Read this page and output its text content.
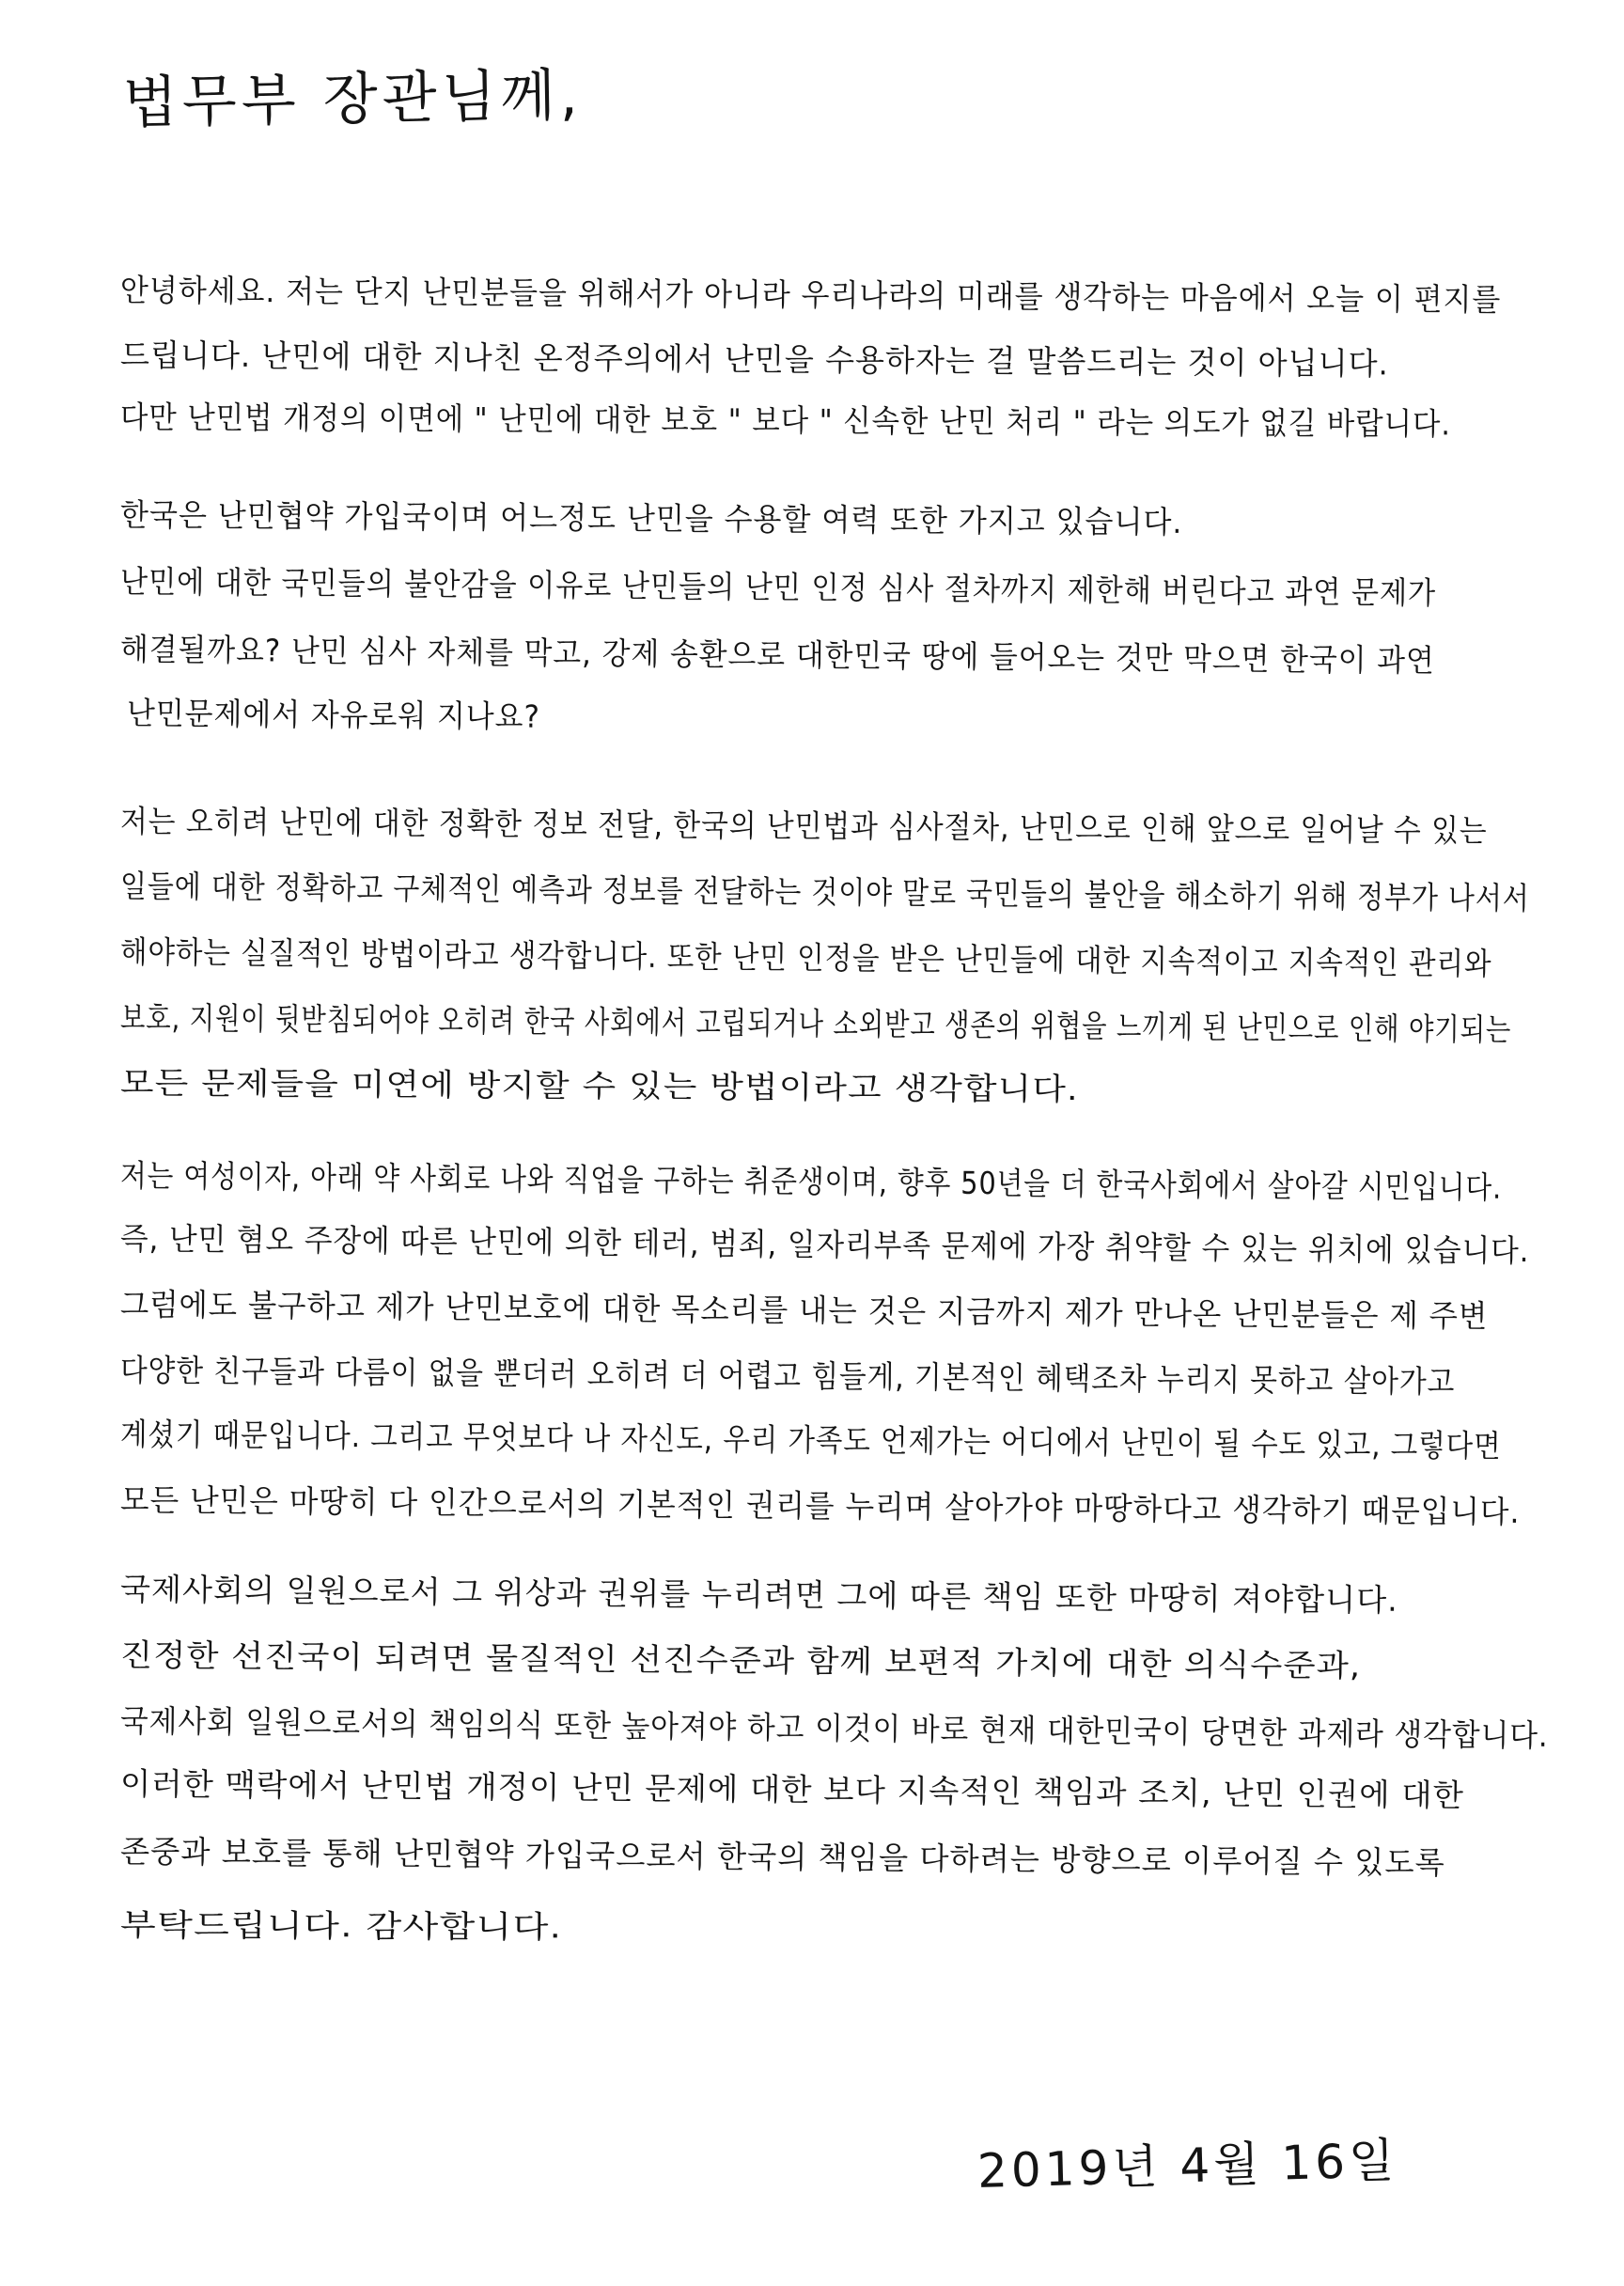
법무부 장관님께,
안녕하세요. 저는 단지 난민분들을 위해서가 아니라 우리나라의 미래를 생각하는 마음에서 오늘 이 편지를
드립니다. 난민에 대한 지나친 온정주의에서 난민을 수용하자는 걸 말씀드리는 것이 아닙니다.
다만 난민법 개정의 이면에 " 난민에 대한 보호 " 보다 " 신속한 난민 처리 " 라는 의도가 없길 바랍니다.
한국은 난민협약 가입국이며 어느정도 난민을 수용할 여력 또한 가지고 있습니다.
난민에 대한 국민들의 불안감을 이유로 난민들의 난민 인정 심사 절차까지 제한해 버린다고 과연 문제가
해결될까요? 난민 심사 자체를 막고, 강제 송환으로 대한민국 땅에 들어오는 것만 막으면 한국이 과연
난민문제에서 자유로워 지나요?
저는 오히려 난민에 대한 정확한 정보 전달, 한국의 난민법과 심사절차, 난민으로 인해 앞으로 일어날 수 있는
일들에 대한 정확하고 구체적인 예측과 정보를 전달하는 것이야 말로 국민들의 불안을 해소하기 위해 정부가 나서서
해야하는 실질적인 방법이라고 생각합니다. 또한 난민 인정을 받은 난민들에 대한 지속적이고 지속적인 관리와
보호, 지원이 뒷받침되어야 오히려 한국 사회에서 고립되거나 소외받고 생존의 위협을 느끼게 된 난민으로 인해 야기되는
모든 문제들을 미연에 방지할 수 있는 방법이라고 생각합니다.
저는 여성이자, 아래 약 사회로 나와 직업을 구하는 취준생이며, 향후 50년을 더 한국사회에서 살아갈 시민입니다.
즉, 난민 혐오 주장에 따른 난민에 의한 테러, 범죄, 일자리부족 문제에 가장 취약할 수 있는 위치에 있습니다.
그럼에도 불구하고 제가 난민보호에 대한 목소리를 내는 것은 지금까지 제가 만나온 난민분들은 제 주변
다양한 친구들과 다름이 없을 뿐더러 오히려 더 어렵고 힘들게, 기본적인 혜택조차 누리지 못하고 살아가고
계셨기 때문입니다. 그리고 무엇보다 나 자신도, 우리 가족도 언제가는 어디에서 난민이 될 수도 있고, 그렇다면
모든 난민은 마땅히 다 인간으로서의 기본적인 권리를 누리며 살아가야 마땅하다고 생각하기 때문입니다.
국제사회의 일원으로서 그 위상과 권위를 누리려면 그에 따른 책임 또한 마땅히 져야합니다.
진정한 선진국이 되려면 물질적인 선진수준과 함께 보편적 가치에 대한 의식수준과,
국제사회 일원으로서의 책임의식 또한 높아져야 하고 이것이 바로 현재 대한민국이 당면한 과제라 생각합니다.
이러한 맥락에서 난민법 개정이 난민 문제에 대한 보다 지속적인 책임과 조치, 난민 인권에 대한
존중과 보호를 통해 난민협약 가입국으로서 한국의 책임을 다하려는 방향으로 이루어질 수 있도록
부탁드립니다. 감사합니다.
2019년 4월 16일
